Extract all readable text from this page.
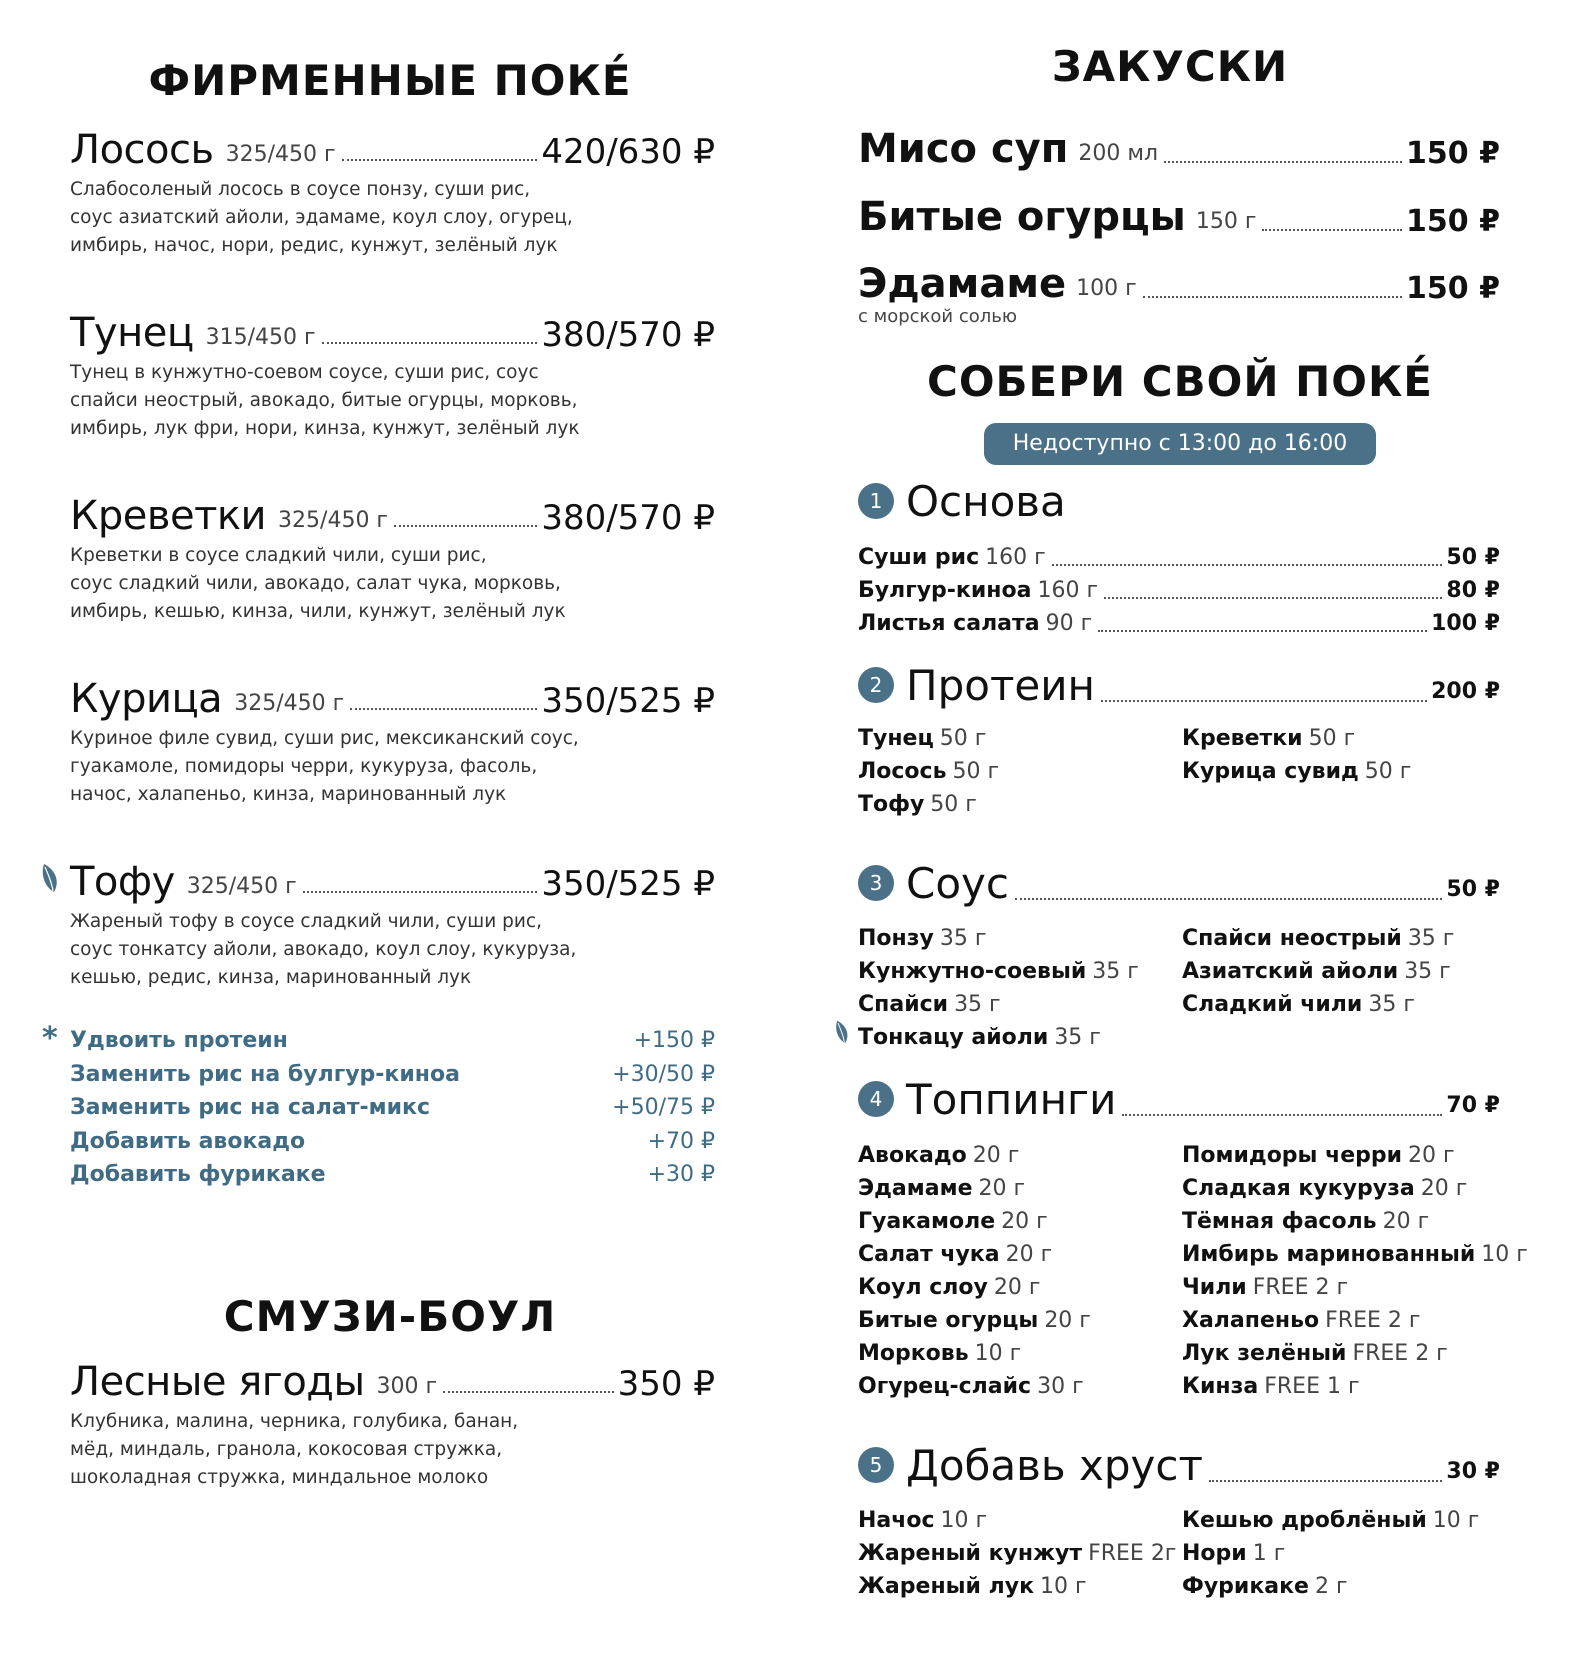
ФИРМЕННЫЕ ПОКЕ́
Лосось 325/450 г	420/630 ₽
Слабосоленый лосось в соусе понзу, суши рис,
соус азиатский айоли, эдамаме, коул слоу, огурец,
имбирь, начос, нори, редис, кунжут, зелёный лук
Тунец 315/450 г	380/570 ₽
Тунец в кунжутно-соевом соусе, суши рис, соус
спайси неострый, авокадо, битые огурцы, морковь,
имбирь, лук фри, нори, кинза, кунжут, зелёный лук
Креветки 325/450 г	380/570 ₽
Креветки в соусе сладкий чили, суши рис,
соус сладкий чили, авокадо, салат чука, морковь,
имбирь, кешью, кинза, чили, кунжут, зелёный лук
Курица 325/450 г	350/525 ₽
Куриное филе сувид, суши рис, мексиканский соус,
гуакамоле, помидоры черри, кукуруза, фасоль,
начос, халапеньо, кинза, маринованный лук
Тофу 325/450 г	350/525 ₽
Жареный тофу в соусе сладкий чили, суши рис,
соус тонкатсу айоли, авокадо, коул слоу, кукуруза,
кешью, редис, кинза, маринованный лук
* Удвоить протеин	+150 ₽
Заменить рис на булгур-киноа	+30/50 ₽
Заменить рис на салат-микс	+50/75 ₽
Добавить авокадо	+70 ₽
Добавить фурикаке	+30 ₽
СМУЗИ-БОУЛ
Лесные ягоды 300 г	350 ₽
Клубника, малина, черника, голубика, банан,
мёд, миндаль, гранола, кокосовая стружка,
шоколадная стружка, миндальное молоко
ЗАКУСКИ
Мисо суп 200 мл	150 ₽
Битые огурцы 150 г	150 ₽
Эдамаме 100 г	150 ₽
с морской солью
СОБЕРИ СВОЙ ПОКЕ́
Недоступно с 13:00 до 16:00
1 Основа
Суши рис 160 г	50 ₽
Булгур-киноа 160 г	80 ₽
Листья салата 90 г	100 ₽
2 Протеин	200 ₽
Тунец 50 г
Лосось 50 г
Тофу 50 г
Креветки 50 г
Курица сувид 50 г
3 Соус	50 ₽
Понзу 35 г
Кунжутно-соевый 35 г
Спайси 35 г
Тонкацу айоли 35 г
Спайси неострый 35 г
Азиатский айоли 35 г
Сладкий чили 35 г
4 Топпинги	70 ₽
Авокадо 20 г
Эдамаме 20 г
Гуакамоле 20 г
Салат чука 20 г
Коул слоу 20 г
Битые огурцы 20 г
Морковь 10 г
Огурец-слайс 30 г
Помидоры черри 20 г
Сладкая кукуруза 20 г
Тёмная фасоль 20 г
Имбирь маринованный 10 г
Чили FREE 2 г
Халапеньо FREE 2 г
Лук зелёный FREE 2 г
Кинза FREE 1 г
5 Добавь хруст	30 ₽
Начос 10 г
Жареный кунжут FREE 2г
Жареный лук 10 г
Кешью дроблёный 10 г
Нори 1 г
Фурикаке 2 г
